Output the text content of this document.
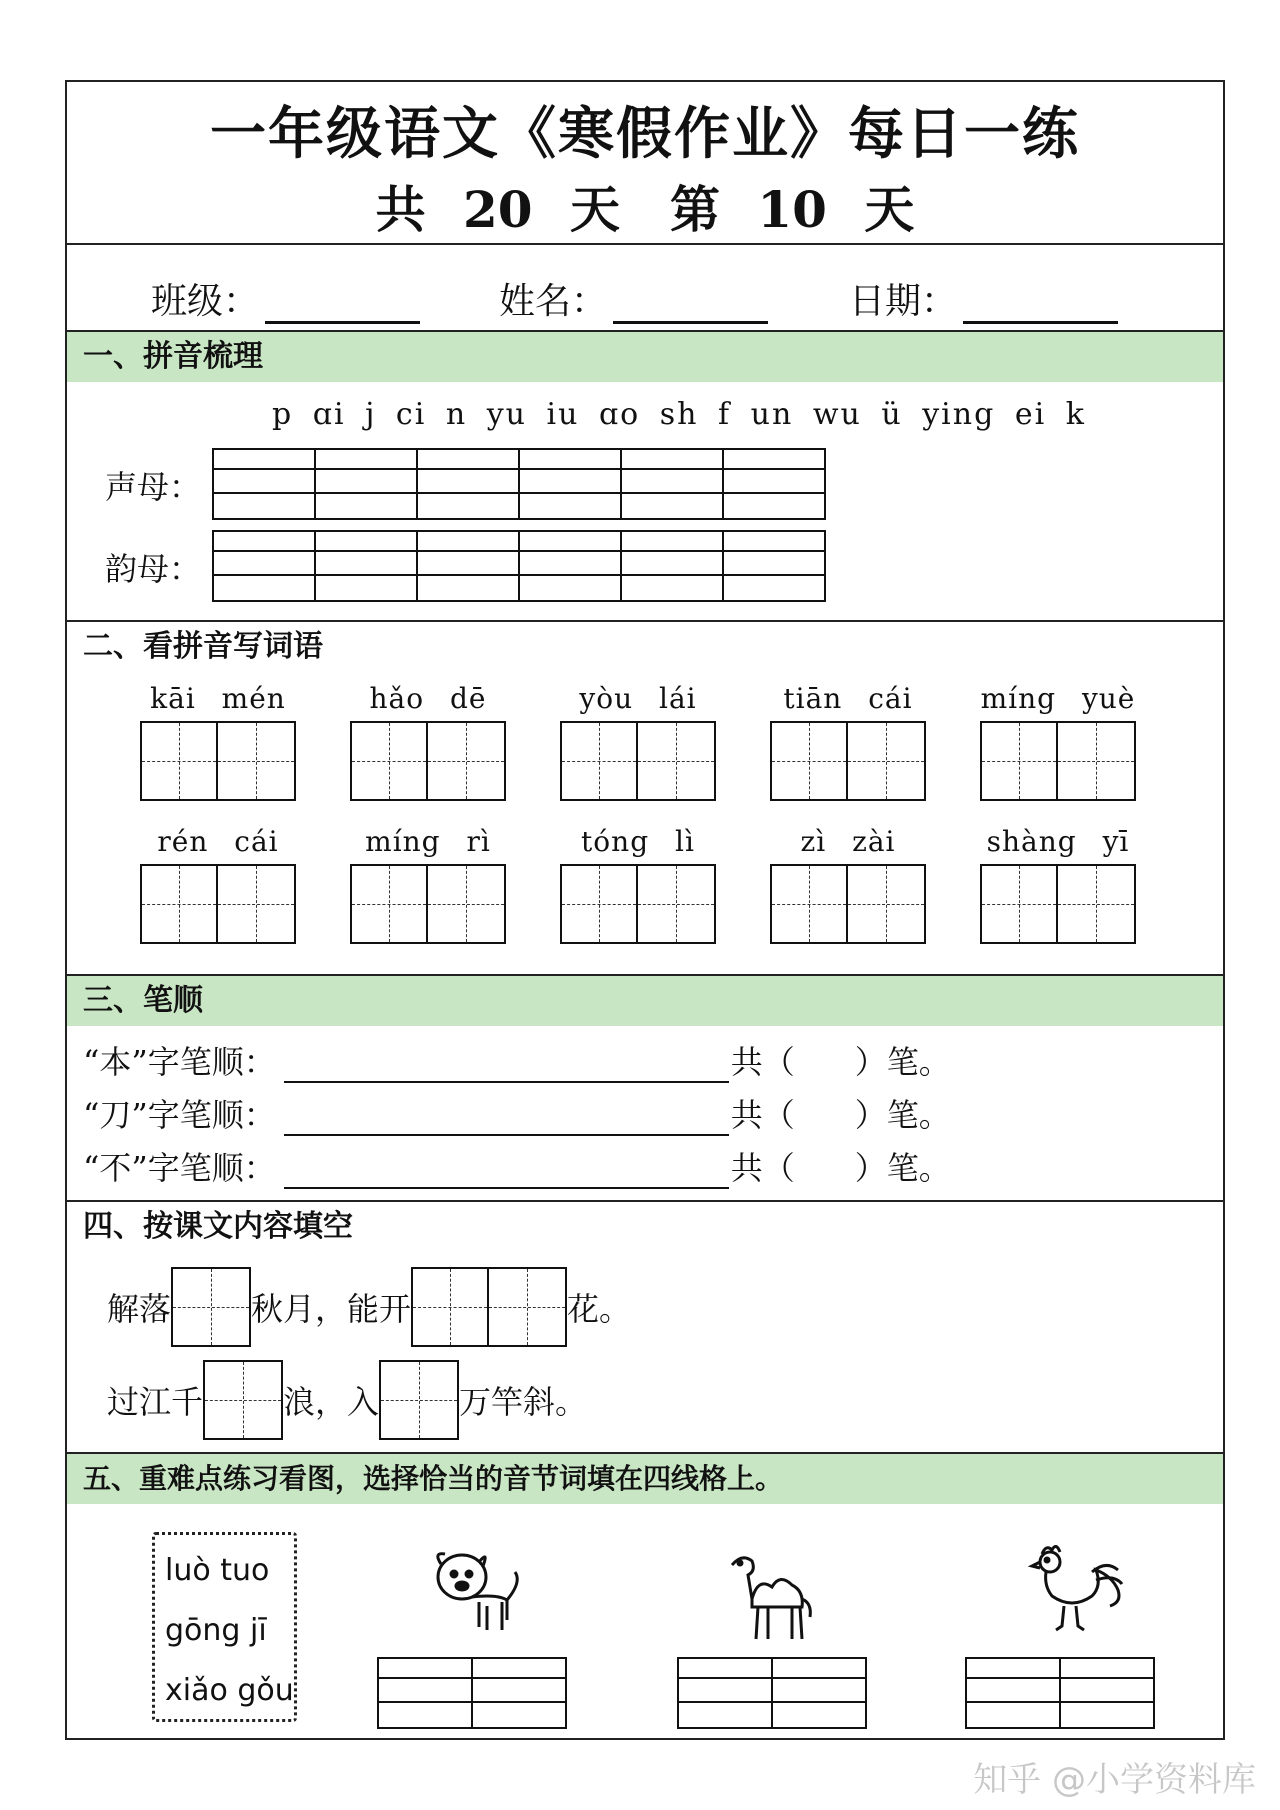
一年级语文《寒假作业》每日一练
共 20 天　第 10 天
班级：	姓名：	日期：
一、拼音梳理
p ɑi j ci n yu iu ɑo sh f un wu ü ying ei k
声母：
韵母：
二、看拼音写词语
kāi mén	hǎo dē	yòu lái	tiān cái	míng yuè
rén cái	míng rì	tóng lì	zì zài	shàng yī
三、笔顺
“本”字笔顺：	共（ ）笔。
“刀”字笔顺：	共（ ）笔。
“不”字笔顺：	共（ ）笔。
四、按课文内容填空
解落	秋月，能开	花。
过江千	浪，入	万竿斜。
五、重难点练习看图，选择恰当的音节词填在四线格上。
luò tuo
gōng jī
xiǎo gǒu
知乎 @小学资料库
